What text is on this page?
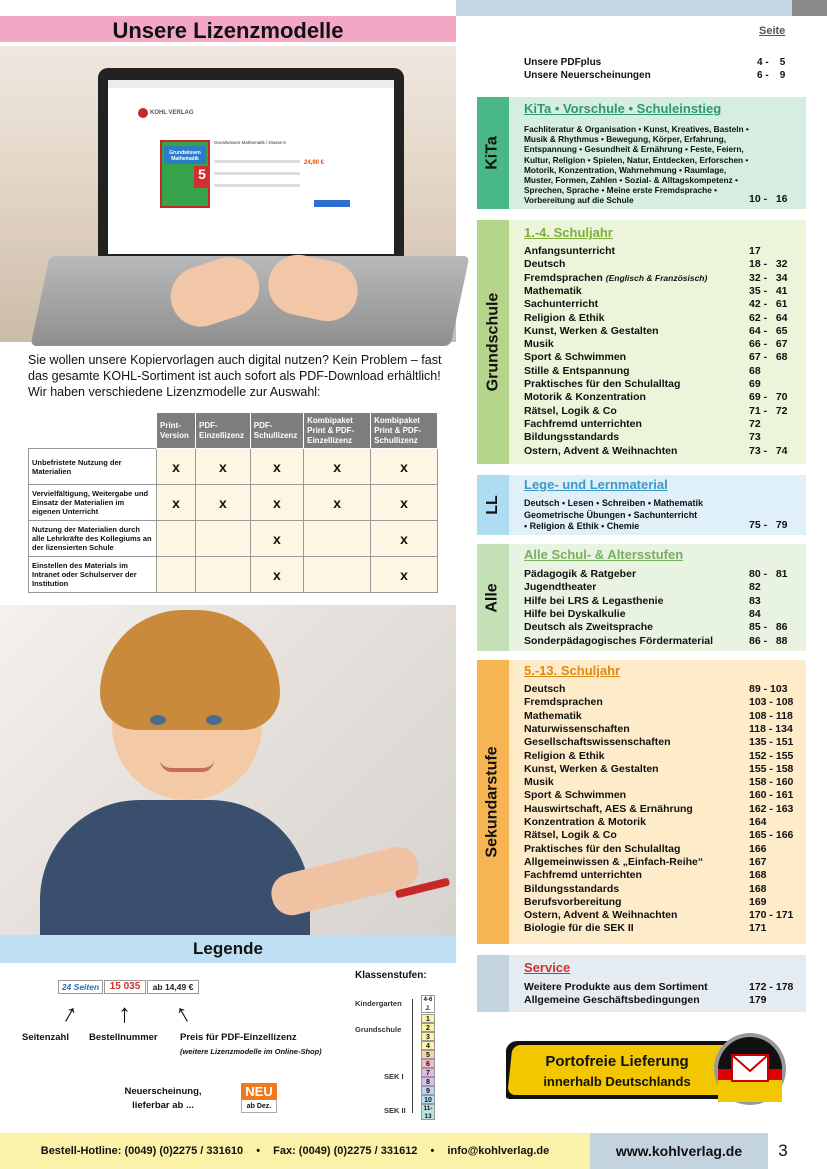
Unsere Lizenzmodelle
KOHL VERLAG
Grundwissen Mathematik / Klasse 5
Grundwissen Mathematik
5
24,90 €
Sie wollen unsere Kopiervorlagen auch digital nutzen? Kein Problem – fast das gesamte KOHL-Sortiment ist auch sofort als PDF-Download erhältlich! Wir haben verschiedene Lizenzmodelle zur Auswahl:
	Print-Version	PDF-Einzellizenz	PDF-Schullizenz	Kombipaket Print & PDF-Einzellizenz	Kombipaket Print & PDF-Schullizenz
Unbefristete Nutzung der Materialien	x	x	x	x	x
Vervielfältigung, Weitergabe und Einsatz der Materialien im eigenen Unterricht	x	x	x	x	x
Nutzung der Materialien durch alle Lehrkräfte des Kollegiums an der lizensierten Schule			x		x
Einstellen des Materials im Intranet oder Schulserver der Institution			x		x
Legende
24 Seiten	15 035	ab 14,49 €
↑ ↑ ↑
Seitenzahl Bestellnummer Preis für PDF-Einzellizenz
(weitere Lizenzmodelle im Online-Shop)
Neuerscheinung, lieferbar ab ...
NEU
ab Dez.
Klassenstufen:
Kindergarten
Grundschule
SEK I
SEK II
4-6 J.
1
2
3
4
5
6
7
8
9
10
11-13
Seite
Unsere PDFplus	4 -    5
Unsere Neuerscheinungen	6 -    9
KiTa
KiTa • Vorschule • Schuleinstieg
Fachliteratur & Organisation • Kunst, Kreatives, Basteln • Musik & Rhythmus • Bewegung, Körper, Erfahrung, Entspannung • Gesundheit & Ernährung • Feste, Feiern, Kultur, Religion • Spielen, Natur, Entdecken, Erforschen • Motorik, Konzentration, Wahrnehmung • Raumlage, Muster, Formen, Zahlen • Sozial- & Alltagskompetenz • Sprechen, Sprache • Meine erste Fremdsprache • Vorbereitung auf die Schule	10 -   16
Grundschule
1.-4. Schuljahr
Anfangsunterricht	17
Deutsch	18 -   32
Fremdsprachen (Englisch & Französisch)	32 -   34
Mathematik	35 -   41
Sachunterricht	42 -   61
Religion & Ethik	62 -   64
Kunst, Werken & Gestalten	64 -   65
Musik	66 -   67
Sport & Schwimmen	67 -   68
Stille & Entspannung	68
Praktisches für den Schulalltag	69
Motorik & Konzentration	69 -   70
Rätsel, Logik & Co	71 -   72
Fachfremd unterrichten	72
Bildungsstandards	73
Ostern, Advent & Weihnachten	73 -   74
LL
Lege- und Lernmaterial
Deutsch • Lesen • Schreiben • Mathematik
Geometrische Übungen • Sachunterricht
• Religion & Ethik • Chemie	75 -   79
Alle
Alle Schul- & Altersstufen
Pädagogik & Ratgeber	80 -   81
Jugendtheater	82
Hilfe bei LRS & Legasthenie	83
Hilfe bei Dyskalkulie	84
Deutsch als Zweitsprache	85 -   86
Sonderpädagogisches Fördermaterial	86 -   88
Sekundarstufe
5.-13. Schuljahr
Deutsch	89 - 103
Fremdsprachen	103 - 108
Mathematik	108 - 118
Naturwissenschaften	118 - 134
Gesellschaftswissenschaften	135 - 151
Religion & Ethik	152 - 155
Kunst, Werken & Gestalten	155 - 158
Musik	158 - 160
Sport & Schwimmen	160 - 161
Hauswirtschaft, AES & Ernährung	162 - 163
Konzentration & Motorik	164
Rätsel, Logik & Co	165 - 166
Praktisches für den Schulalltag	166
Allgemeinwissen & „Einfach-Reihe“	167
Fachfremd unterrichten	168
Bildungsstandards	168
Berufsvorbereitung	169
Ostern, Advent & Weihnachten	170 - 171
Biologie für die SEK II	171
Service
Weitere Produkte aus dem Sortiment	172 - 178
Allgemeine Geschäftsbedingungen	179
Portofreie Lieferung
innerhalb Deutschlands
Bestell-Hotline: (0049) (0)2275 / 331610 • Fax: (0049) (0)2275 / 331612 • info@kohlverlag.de	www.kohlverlag.de	3
